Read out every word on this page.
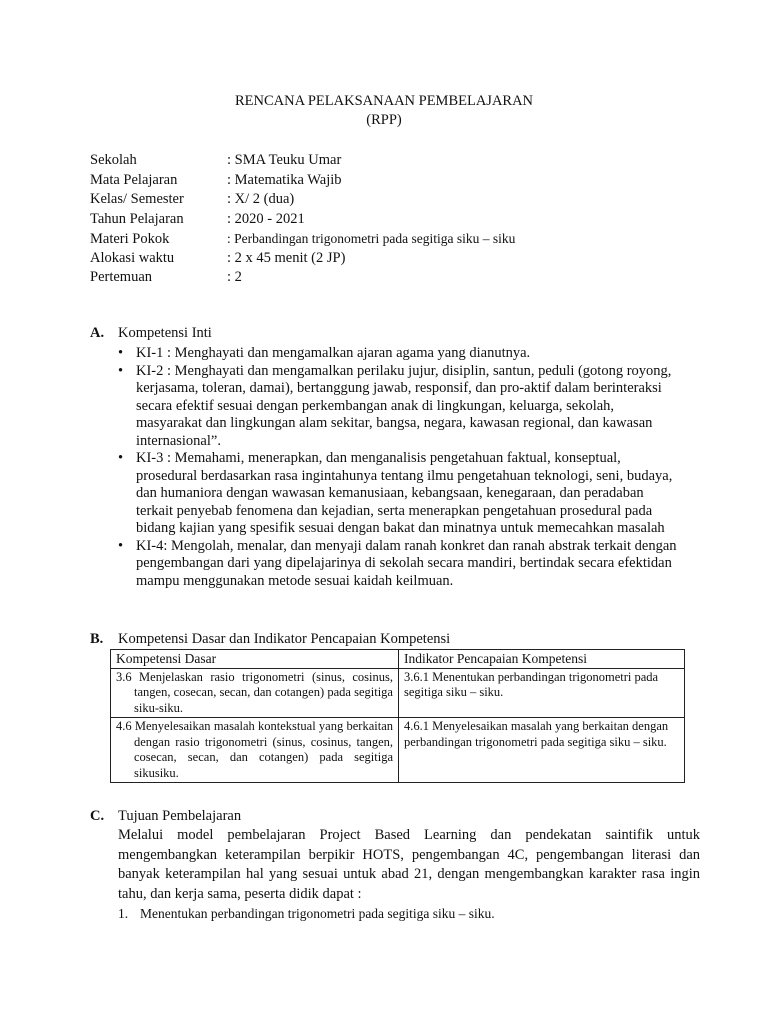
RENCANA PELAKSANAAN PEMBELAJARAN
(RPP)
Sekolah	: SMA Teuku Umar
Mata Pelajaran	: Matematika Wajib
Kelas/ Semester	: X/ 2 (dua)
Tahun Pelajaran	: 2020 - 2021
Materi Pokok	: Perbandingan trigonometri pada segitiga siku – siku
Alokasi waktu	: 2 x 45 menit (2 JP)
Pertemuan	: 2
A. Kompetensi Inti
• KI-1 : Menghayati dan mengamalkan ajaran agama yang dianutnya.
• KI-2 : Menghayati dan mengamalkan perilaku jujur, disiplin, santun, peduli (gotong royong, kerjasama, toleran, damai), bertanggung jawab, responsif, dan pro-aktif dalam berinteraksi secara efektif sesuai dengan perkembangan anak di lingkungan, keluarga, sekolah, masyarakat dan lingkungan alam sekitar, bangsa, negara, kawasan regional, dan kawasan internasional”.
• KI-3 : Memahami, menerapkan, dan menganalisis pengetahuan faktual, konseptual, prosedural berdasarkan rasa ingintahunya tentang ilmu pengetahuan teknologi, seni, budaya, dan humaniora dengan wawasan kemanusiaan, kebangsaan, kenegaraan, dan peradaban terkait penyebab fenomena dan kejadian, serta menerapkan pengetahuan prosedural pada bidang kajian yang spesifik sesuai dengan bakat dan minatnya untuk memecahkan masalah
• KI-4: Mengolah, menalar, dan menyaji dalam ranah konkret dan ranah abstrak terkait dengan pengembangan dari yang dipelajarinya di sekolah secara mandiri, bertindak secara efektidan mampu menggunakan metode sesuai kaidah keilmuan.
B. Kompetensi Dasar dan Indikator Pencapaian Kompetensi
Kompetensi Dasar	Indikator Pencapaian Kompetensi

3.6 Menjelaskan rasio trigonometri (sinus, cosinus, tangen, cosecan, secan, dan cotangen) pada segitiga siku-siku.	3.6.1 Menentukan perbandingan trigonometri pada segitiga siku – siku.

4.6 Menyelesaikan masalah kontekstual yang berkaitan dengan rasio trigonometri (sinus, cosinus, tangen, cosecan, secan, dan cotangen) pada segitiga sikusiku.	4.6.1 Menyelesaikan masalah yang berkaitan dengan perbandingan trigonometri pada segitiga siku – siku.
C. Tujuan Pembelajaran
Melalui model pembelajaran Project Based Learning dan pendekatan saintifik untuk mengembangkan keterampilan berpikir HOTS, pengembangan 4C, pengembangan literasi dan banyak keterampilan hal yang sesuai untuk abad 21, dengan mengembangkan karakter rasa ingin tahu, dan kerja sama, peserta didik dapat :
1. Menentukan perbandingan trigonometri pada segitiga siku – siku.
